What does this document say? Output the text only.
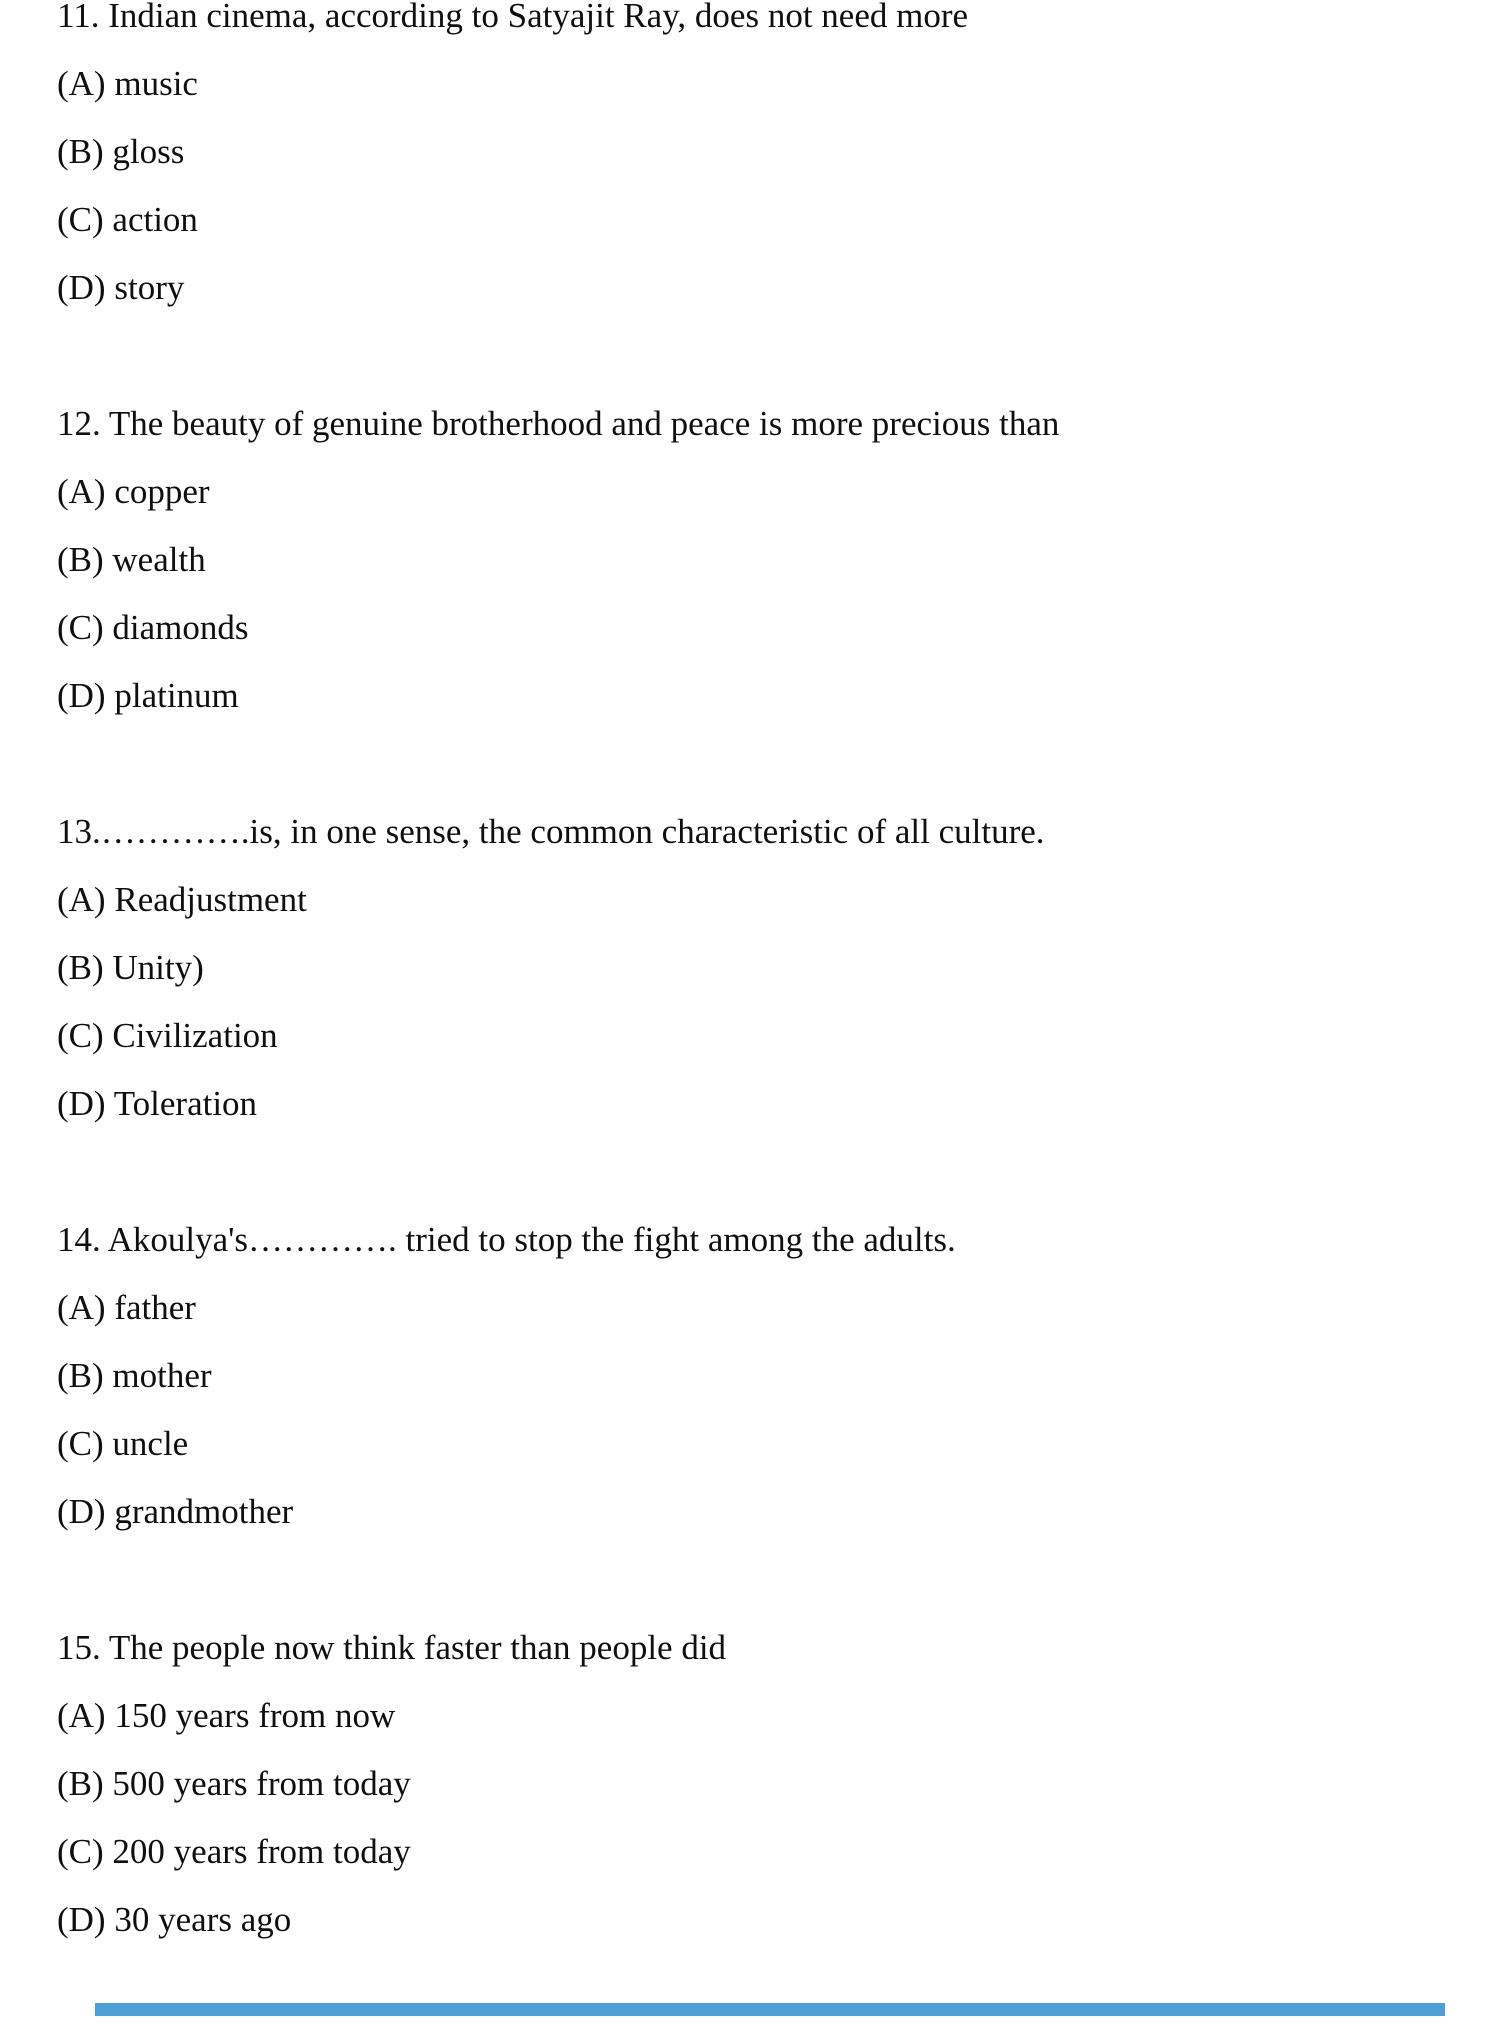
11. Indian cinema, according to Satyajit Ray, does not need more
(A) music
(B) gloss
(C) action
(D) story
12. The beauty of genuine brotherhood and peace is more precious than
(A) copper
(B) wealth
(C) diamonds
(D) platinum
13.………….is, in one sense, the common characteristic of all culture.
(A) Readjustment
(B) Unity)
(C) Civilization
(D) Toleration
14. Akoulya's…………. tried to stop the fight among the adults.
(A) father
(B) mother
(C) uncle
(D) grandmother
15. The people now think faster than people did
(A) 150 years from now
(B) 500 years from today
(C) 200 years from today
(D) 30 years ago
